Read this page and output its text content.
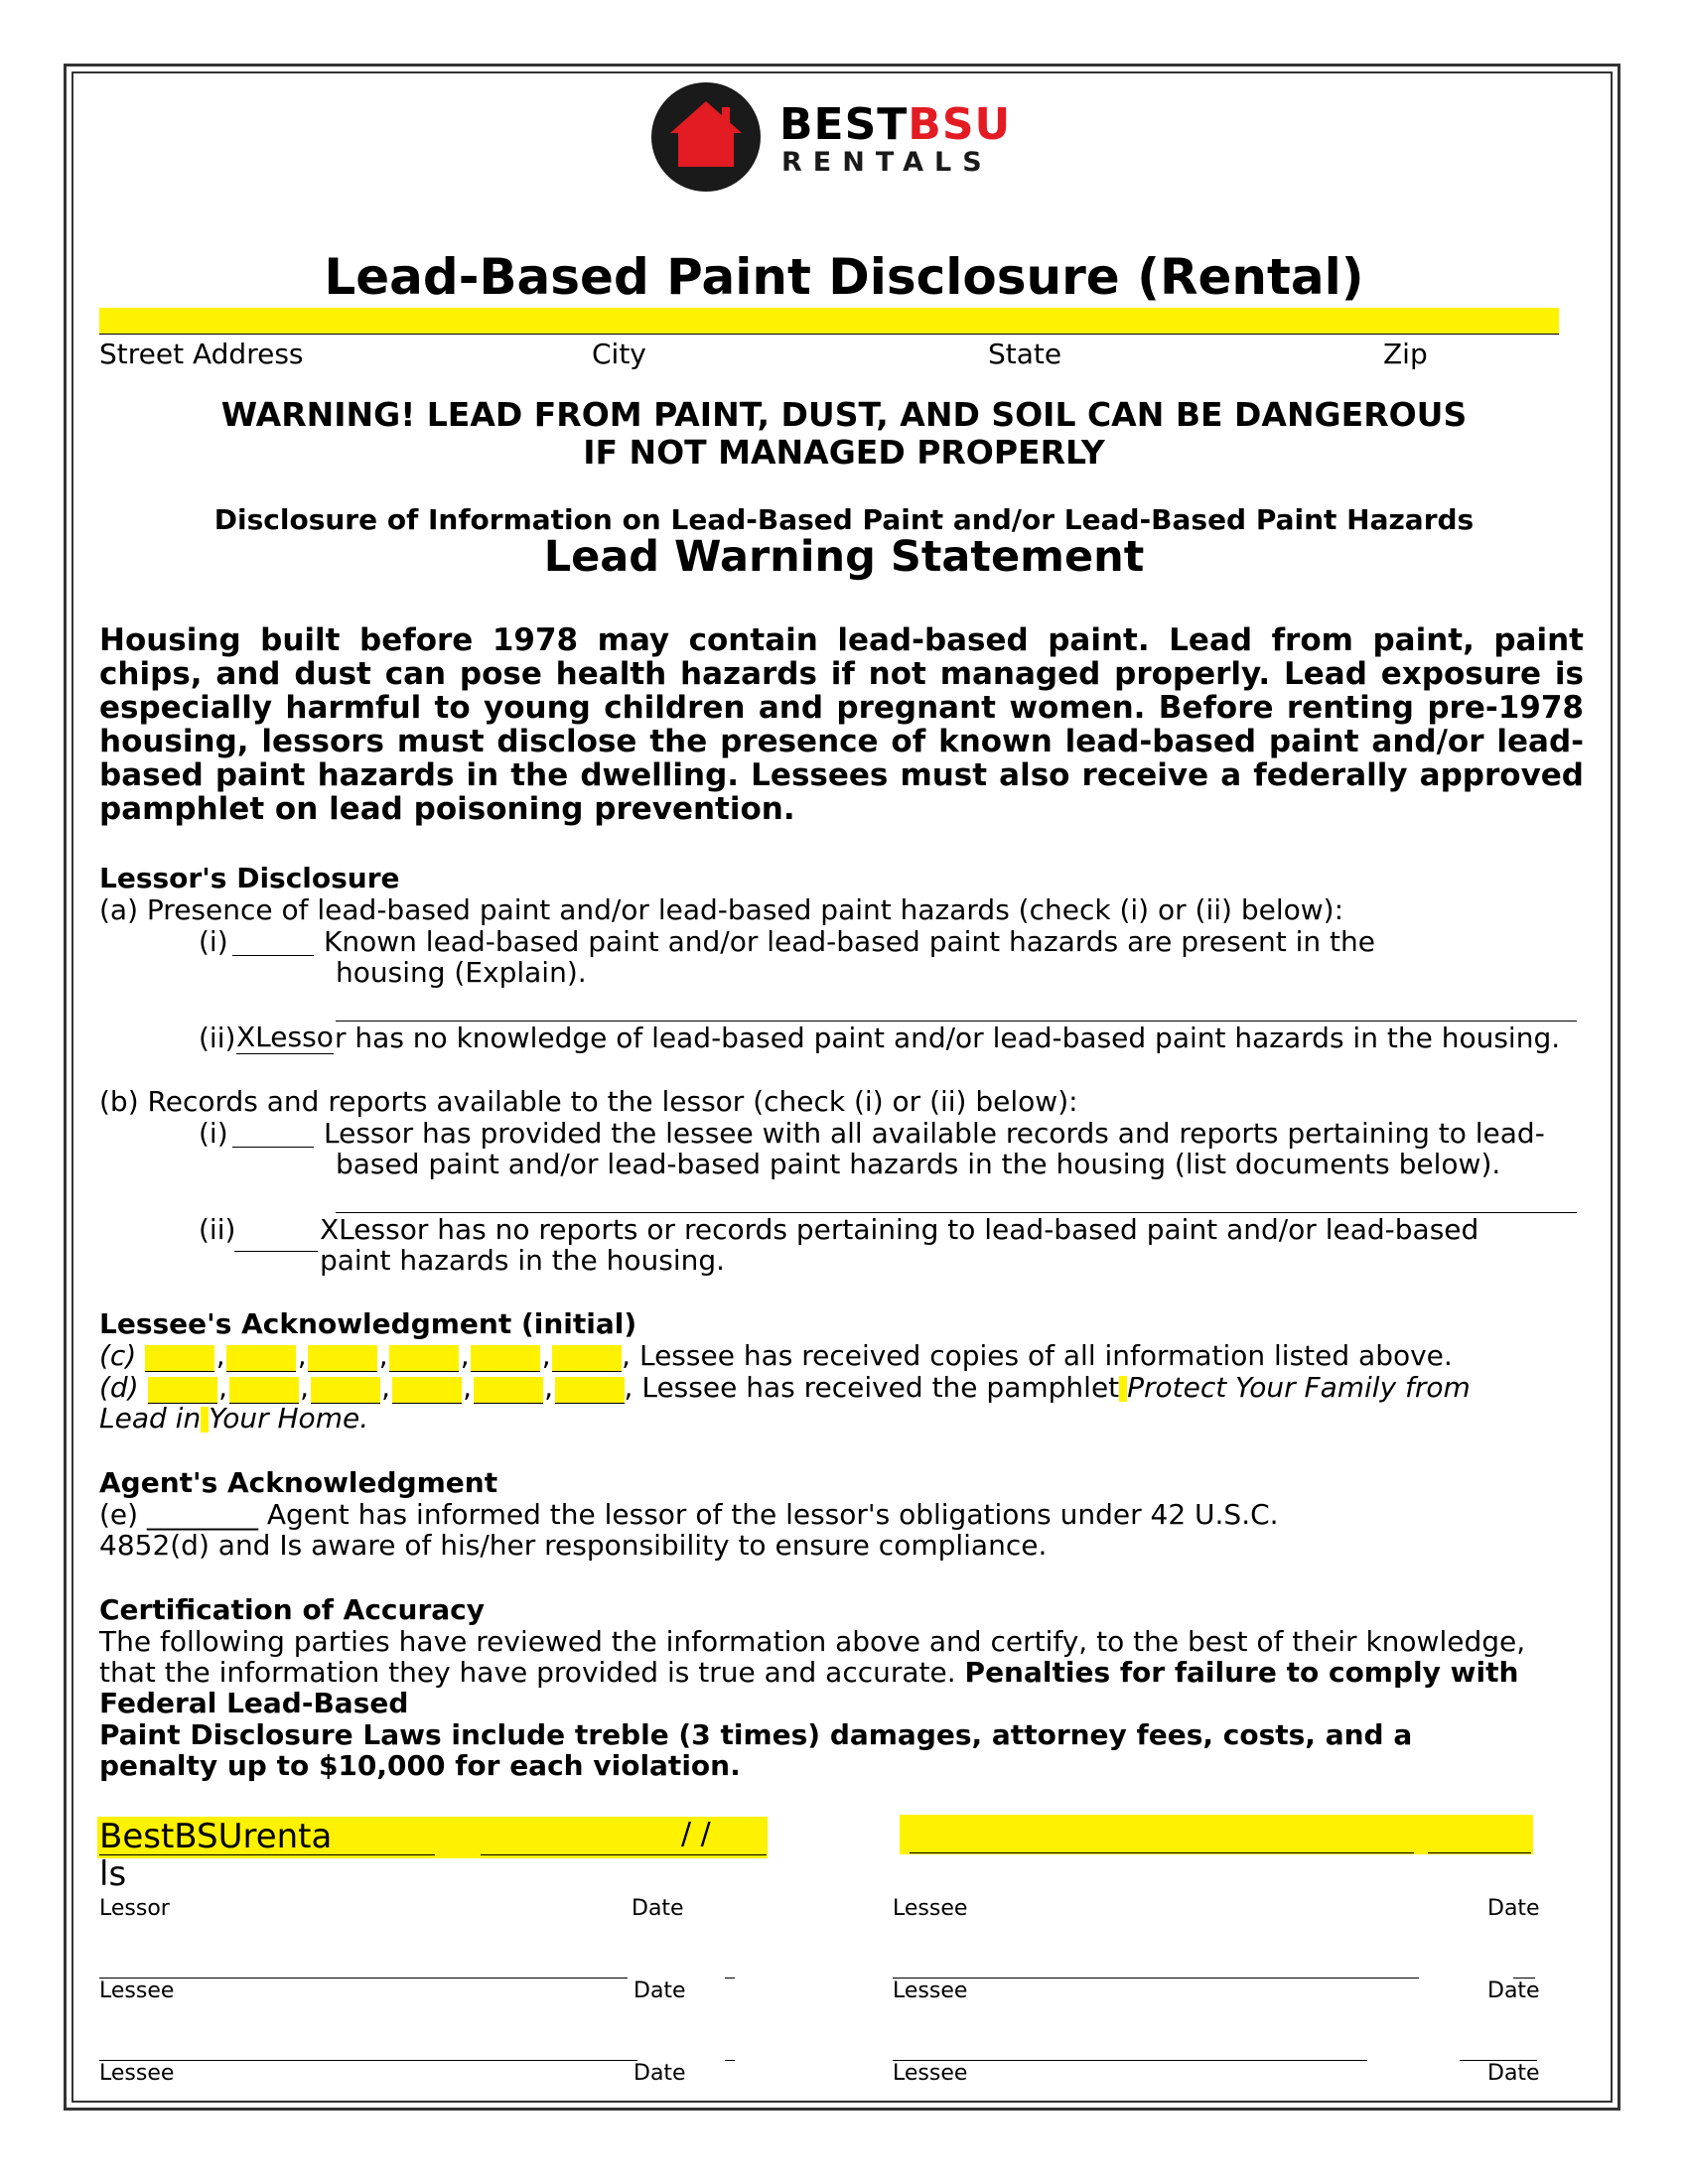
BESTBSU
RENTALS
Lead-Based Paint Disclosure (Rental)
Street Address	City	State	Zip
WARNING! LEAD FROM PAINT, DUST, AND SOIL CAN BE DANGEROUS
IF NOT MANAGED PROPERLY
Disclosure of Information on Lead-Based Paint and/or Lead-Based Paint Hazards
Lead Warning Statement
Housing built before 1978 may contain lead-based paint. Lead from paint, paint chips, and dust can pose health hazards if not managed properly. Lead exposure is especially harmful to young children and pregnant women. Before renting pre-1978 housing, lessors must disclose the presence of known lead-based paint and/or lead-based paint hazards in the dwelling. Lessees must also receive a federally approved pamphlet on lead poisoning prevention.
Lessor's Disclosure
(a) Presence of lead-based paint and/or lead-based paint hazards (check (i) or (ii) below):
(i)	Known lead-based paint and/or lead-based paint hazards are present in the
housing (Explain).
(ii) XLesso r has no knowledge of lead-based paint and/or lead-based paint hazards in the housing.
(b) Records and reports available to the lessor (check (i) or (ii) below):
(i)	Lessor has provided the lessee with all available records and reports pertaining to lead-
based paint and/or lead-based paint hazards in the housing (list documents below).
(ii)	XLessor has no reports or records pertaining to lead-based paint and/or lead-based
paint hazards in the housing.
Lessee's Acknowledgment (initial)
(c)	,	,	,	,	,	, Lessee has received copies of all information listed above.
(d)	,	,	,	,	,	, Lessee has received the pamphlet Protect Your Family from
Lead in Your Home.
Agent's Acknowledgment
(e) ________ Agent has informed the lessor of the lessor's obligations under 42 U.S.C.
4852(d) and Is aware of his/her responsibility to ensure compliance.
Certification of Accuracy
The following parties have reviewed the information above and certify, to the best of their knowledge,
that the information they have provided is true and accurate. Penalties for failure to comply with
Federal Lead-Based
Paint Disclosure Laws include treble (3 times) damages, attorney fees, costs, and a
penalty up to $10,000 for each violation.
BestBSUrenta	/ /
ls
Lessor	Date	Lessee	Date
Lessee	Date	Lessee	Date
Lessee	Date	Lessee	Date
